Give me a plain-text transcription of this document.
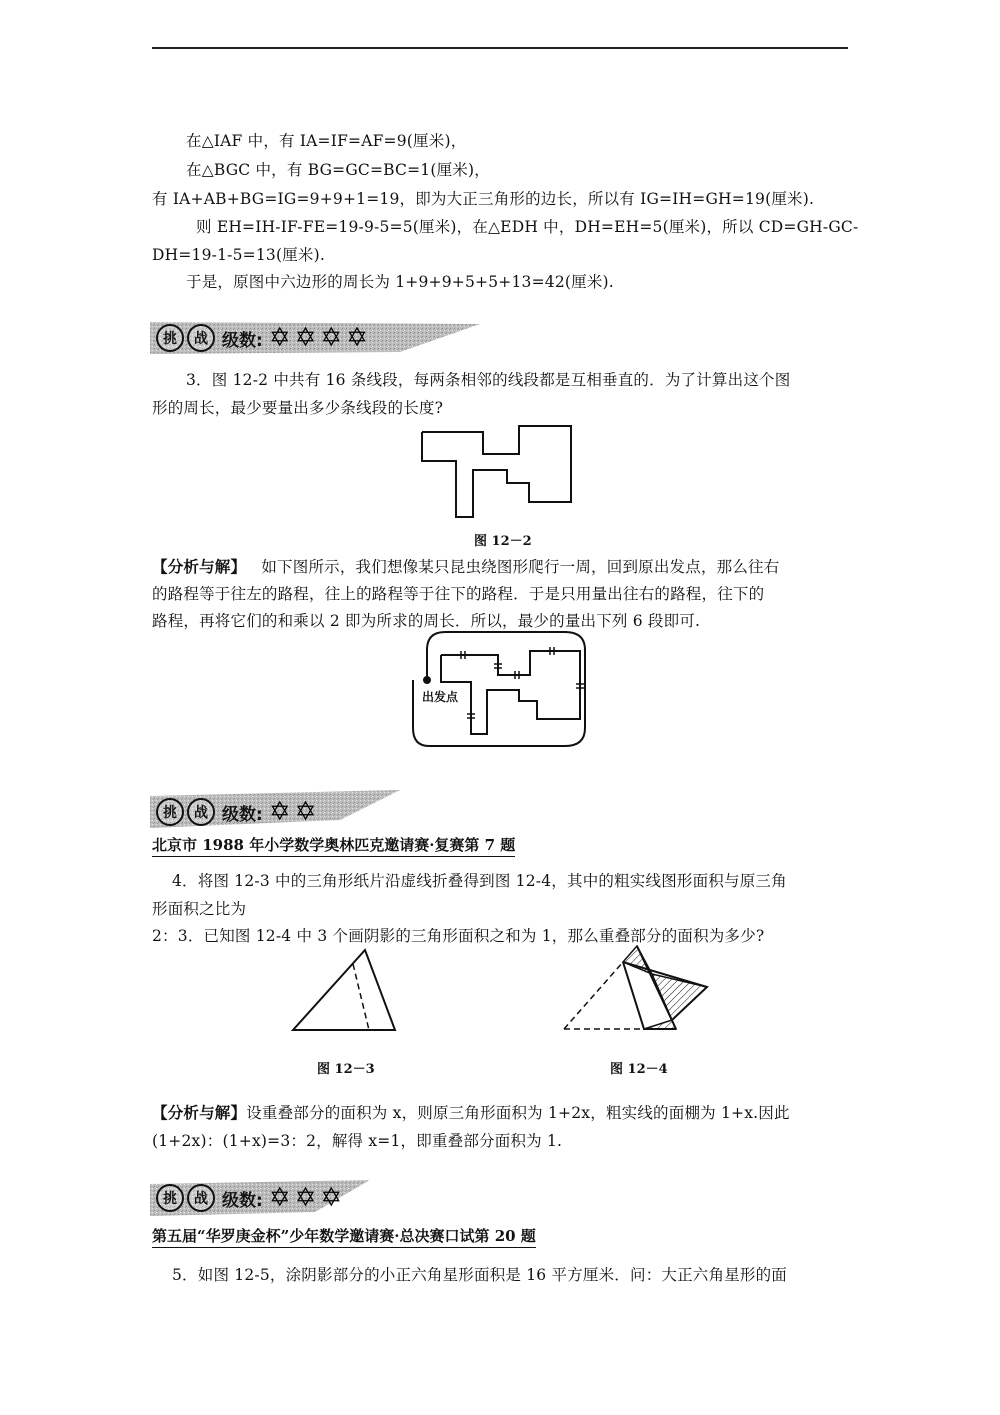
在△IAF 中，有 IA=IF=AF=9(厘米)，
在△BGC 中，有 BG=GC=BC=1(厘米)，
有 IA+AB+BG=IG=9+9+1=19，即为大正三角形的边长，所以有 IG=IH=GH=19(厘米).
则 EH=IH-IF-FE=19-9-5=5(厘米)，在△EDH 中，DH=EH=5(厘米)，所以 CD=GH-GC-
DH=19-1-5=13(厘米).
于是，原图中六边形的周长为 1+9+9+5+5+13=42(厘米).
挑	战 级数: ✡✡✡✡
3．图 12-2 中共有 16 条线段，每两条相邻的线段都是互相垂直的．为了计算出这个图
形的周长，最少要量出多少条线段的长度?
图 12－2
【分析与解】 如下图所示，我们想像某只昆虫绕图形爬行一周，回到原出发点，那么往右
的路程等于往左的路程，往上的路程等于往下的路程．于是只用量出往右的路程，往下的
路程，再将它们的和乘以 2 即为所求的周长．所以，最少的量出下列 6 段即可.
出发点
挑	战 级数: ✡✡
北京市 1988 年小学数学奥林匹克邀请赛·复赛第 7 题
4．将图 12-3 中的三角形纸片沿虚线折叠得到图 12-4，其中的粗实线图形面积与原三角
形面积之比为
2：3．已知图 12-4 中 3 个画阴影的三角形面积之和为 1，那么重叠部分的面积为多少?
图 12－3	图 12－4
【分析与解】设重叠部分的面积为 x，则原三角形面积为 1+2x，粗实线的面棚为 1+x.因此
(1+2x)：(1+x)=3：2，解得 x=1，即重叠部分面积为 1.
挑	战 级数: ✡✡✡
第五届“华罗庚金杯”少年数学邀请赛·总决赛口试第 20 题
5．如图 12-5，涂阴影部分的小正六角星形面积是 16 平方厘米．问：大正六角星形的面
